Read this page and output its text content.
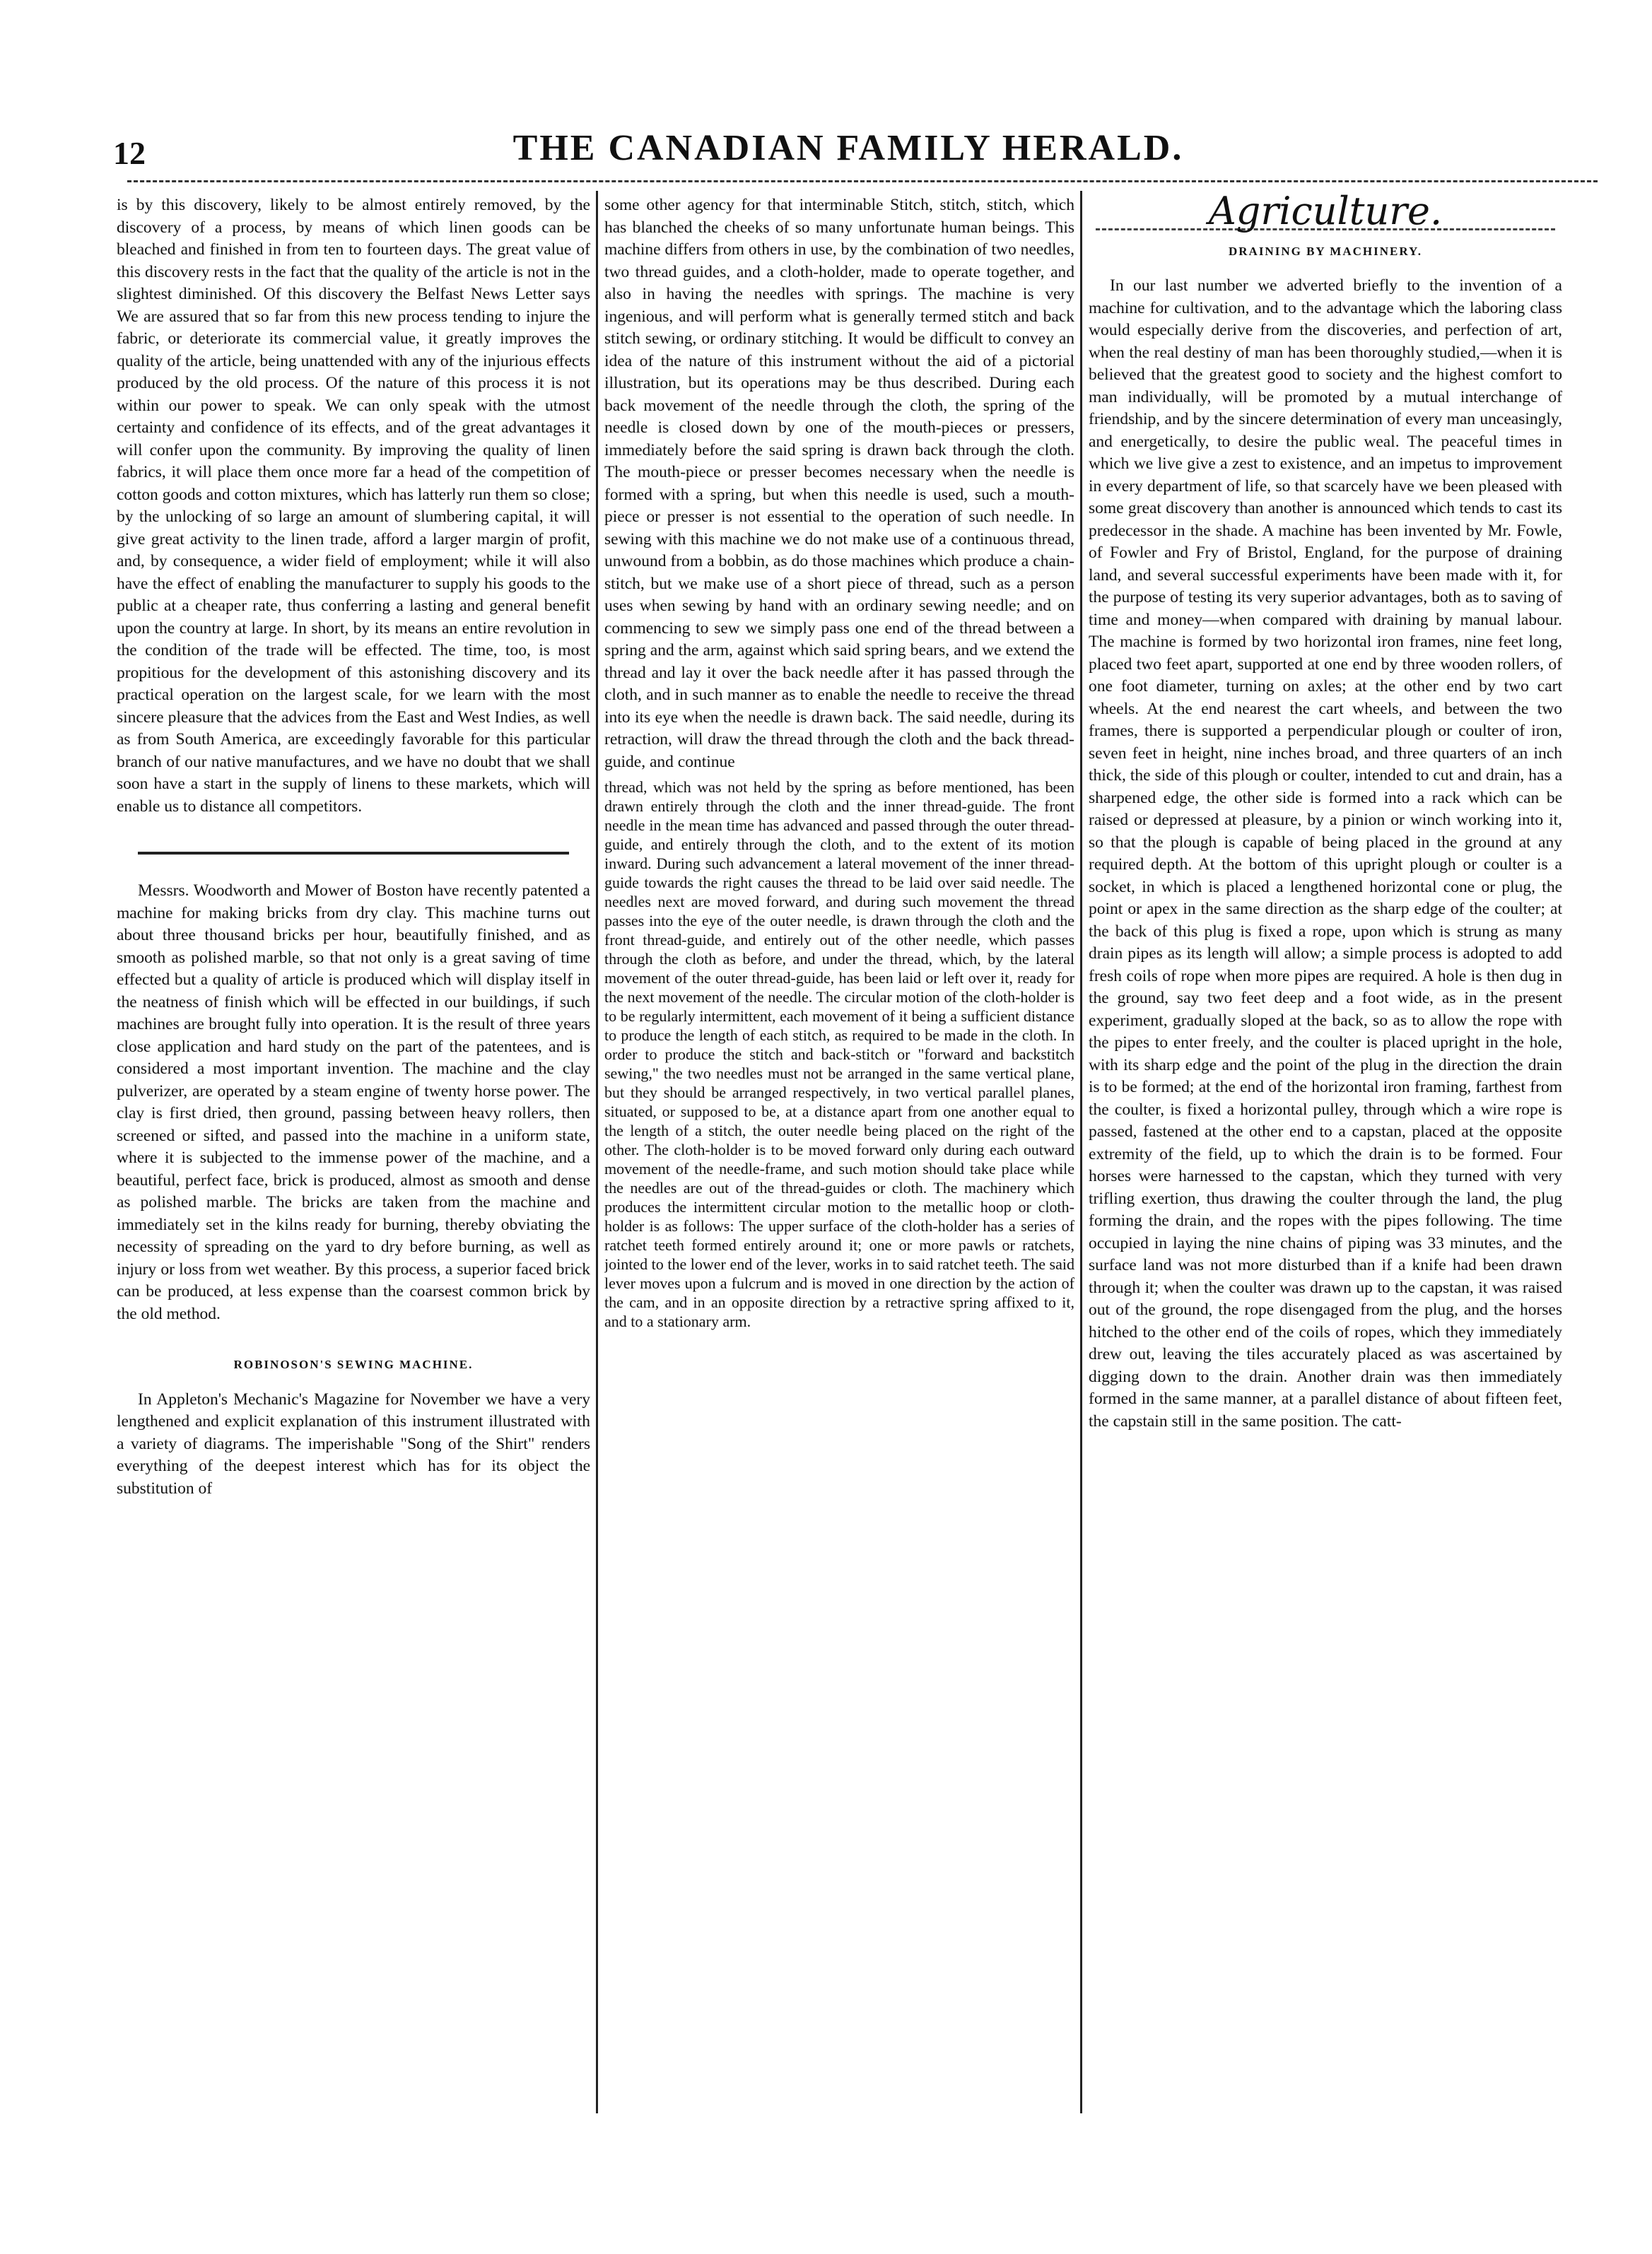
12	THE CANADIAN FAMILY HERALD.

is by this discovery, likely to be almost entirely removed, by the discovery of a process, by means of which linen goods can be bleached and finished in from ten to fourteen days. The great value of this discovery rests in the fact that the quality of the article is not in the slightest diminished. Of this discovery the Belfast News Letter says We are assured that so far from this new process tending to injure the fabric, or deteriorate its commercial value, it greatly improves the quality of the article, being unattended with any of the injurious effects produced by the old process. Of the nature of this process it is not within our power to speak. We can only speak with the utmost certainty and confidence of its effects, and of the great advantages it will confer upon the community. By improving the quality of linen fabrics, it will place them once more far a head of the competition of cotton goods and cotton mixtures, which has latterly run them so close; by the unlocking of so large an amount of slumbering capital, it will give great activity to the linen trade, afford a larger margin of profit, and, by consequence, a wider field of employment; while it will also have the effect of enabling the manufacturer to supply his goods to the public at a cheaper rate, thus conferring a lasting and general benefit upon the country at large. In short, by its means an entire revolution in the condition of the trade will be effected. The time, too, is most propitious for the development of this astonishing discovery and its practical operation on the largest scale, for we learn with the most sincere pleasure that the advices from the East and West Indies, as well as from South America, are exceedingly favorable for this particular branch of our native manufactures, and we have no doubt that we shall soon have a start in the supply of linens to these markets, which will enable us to distance all competitors.

Messrs. Woodworth and Mower of Boston have recently patented a machine for making bricks from dry clay. This machine turns out about three thousand bricks per hour, beautifully finished, and as smooth as polished marble, so that not only is a great saving of time effected but a quality of article is produced which will display itself in the neatness of finish which will be effected in our buildings, if such machines are brought fully into operation. It is the result of three years close application and hard study on the part of the patentees, and is considered a most important invention. The machine and the clay pulverizer, are operated by a steam engine of twenty horse power. The clay is first dried, then ground, passing between heavy rollers, then screened or sifted, and passed into the machine in a uniform state, where it is subjected to the immense power of the machine, and a beautiful, perfect face, brick is produced, almost as smooth and dense as polished marble. The bricks are taken from the machine and immediately set in the kilns ready for burning, thereby obviating the necessity of spreading on the yard to dry before burning, as well as injury or loss from wet weather. By this process, a superior faced brick can be produced, at less expense than the coarsest common brick by the old method.

ROBINOSON'S SEWING MACHINE.

In Appleton's Mechanic's Magazine for November we have a very lengthened and explicit explanation of this instrument illustrated with a variety of diagrams. The imperishable "Song of the Shirt" renders everything of the deepest interest which has for its object the substitution of

some other agency for that interminable Stitch, stitch, stitch, which has blanched the cheeks of so many unfortunate human beings. This machine differs from others in use, by the combination of two needles, two thread guides, and a cloth-holder, made to operate together, and also in having the needles with springs. The machine is very ingenious, and will perform what is generally termed stitch and back stitch sewing, or ordinary stitching. It would be difficult to convey an idea of the nature of this instrument without the aid of a pictorial illustration, but its operations may be thus described. During each back movement of the needle through the cloth, the spring of the needle is closed down by one of the mouth-pieces or pressers, immediately before the said spring is drawn back through the cloth. The mouth-piece or presser becomes necessary when the needle is formed with a spring, but when this needle is used, such a mouth-piece or presser is not essential to the operation of such needle. In sewing with this machine we do not make use of a continuous thread, unwound from a bobbin, as do those machines which produce a chain-stitch, but we make use of a short piece of thread, such as a person uses when sewing by hand with an ordinary sewing needle; and on commencing to sew we simply pass one end of the thread between a spring and the arm, against which said spring bears, and we extend the thread and lay it over the back needle after it has passed through the cloth, and in such manner as to enable the needle to receive the thread into its eye when the needle is drawn back. The said needle, during its retraction, will draw the thread through the cloth and the back thread-guide, and continue

thread, which was not held by the spring as before mentioned, has been drawn entirely through the cloth and the inner thread-guide. The front needle in the mean time has advanced and passed through the outer thread-guide, and entirely through the cloth, and to the extent of its motion inward. During such advancement a lateral movement of the inner thread-guide towards the right causes the thread to be laid over said needle. The needles next are moved forward, and during such movement the thread passes into the eye of the outer needle, is drawn through the cloth and the front thread-guide, and entirely out of the other needle, which passes through the cloth as before, and under the thread, which, by the lateral movement of the outer thread-guide, has been laid or left over it, ready for the next movement of the needle. The circular motion of the cloth-holder is to be regularly intermittent, each movement of it being a sufficient distance to produce the length of each stitch, as required to be made in the cloth. In order to produce the stitch and back-stitch or "forward and backstitch sewing," the two needles must not be arranged in the same vertical plane, but they should be arranged respectively, in two vertical parallel planes, situated, or supposed to be, at a distance apart from one another equal to the length of a stitch, the outer needle being placed on the right of the other. The cloth-holder is to be moved forward only during each outward movement of the needle-frame, and such motion should take place while the needles are out of the thread-guides or cloth. The machinery which produces the intermittent circular motion to the metallic hoop or cloth-holder is as follows: The upper surface of the cloth-holder has a series of ratchet teeth formed entirely around it; one or more pawls or ratchets, jointed to the lower end of the lever, works in to said ratchet teeth. The said lever moves upon a fulcrum and is moved in one direction by the action of the cam, and in an opposite direction by a retractive spring affixed to it, and to a stationary arm.

Agriculture.
DRAINING BY MACHINERY.

In our last number we adverted briefly to the invention of a machine for cultivation, and to the advantage which the laboring class would especially derive from the discoveries, and perfection of art, when the real destiny of man has been thoroughly studied,—when it is believed that the greatest good to society and the highest comfort to man individually, will be promoted by a mutual interchange of friendship, and by the sincere determination of every man unceasingly, and energetically, to desire the public weal. The peaceful times in which we live give a zest to existence, and an impetus to improvement in every department of life, so that scarcely have we been pleased with some great discovery than another is announced which tends to cast its predecessor in the shade. A machine has been invented by Mr. Fowle, of Fowler and Fry of Bristol, England, for the purpose of draining land, and several successful experiments have been made with it, for the purpose of testing its very superior advantages, both as to saving of time and money—when compared with draining by manual labour. The machine is formed by two horizontal iron frames, nine feet long, placed two feet apart, supported at one end by three wooden rollers, of one foot diameter, turning on axles; at the other end by two cart wheels. At the end nearest the cart wheels, and between the two frames, there is supported a perpendicular plough or coulter of iron, seven feet in height, nine inches broad, and three quarters of an inch thick, the side of this plough or coulter, intended to cut and drain, has a sharpened edge, the other side is formed into a rack which can be raised or depressed at pleasure, by a pinion or winch working into it, so that the plough is capable of being placed in the ground at any required depth. At the bottom of this upright plough or coulter is a socket, in which is placed a lengthened horizontal cone or plug, the point or apex in the same direction as the sharp edge of the coulter; at the back of this plug is fixed a rope, upon which is strung as many drain pipes as its length will allow; a simple process is adopted to add fresh coils of rope when more pipes are required. A hole is then dug in the ground, say two feet deep and a foot wide, as in the present experiment, gradually sloped at the back, so as to allow the rope with the pipes to enter freely, and the coulter is placed upright in the hole, with its sharp edge and the point of the plug in the direction the drain is to be formed; at the end of the horizontal iron framing, farthest from the coulter, is fixed a horizontal pulley, through which a wire rope is passed, fastened at the other end to a capstan, placed at the opposite extremity of the field, up to which the drain is to be formed. Four horses were harnessed to the capstan, which they turned with very trifling exertion, thus drawing the coulter through the land, the plug forming the drain, and the ropes with the pipes following. The time occupied in laying the nine chains of piping was 33 minutes, and the surface land was not more disturbed than if a knife had been drawn through it; when the coulter was drawn up to the capstan, it was raised out of the ground, the rope disengaged from the plug, and the horses hitched to the other end of the coils of ropes, which they immediately drew out, leaving the tiles accurately placed as was ascertained by digging down to the drain. Another drain was then immediately formed in the same manner, at a parallel distance of about fifteen feet, the capstain still in the same position. The catt-
